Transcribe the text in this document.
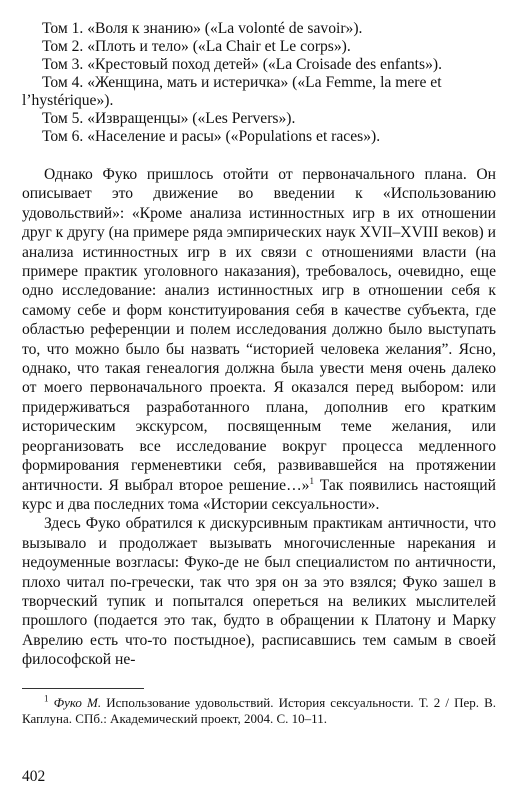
Том 1. «Воля к знанию» («La volonté de savoir»).
Том 2. «Плоть и тело» («La Chair et Le corps»).
Том 3. «Крестовый поход детей» («La Croisade des enfants»).
Том 4. «Женщина, мать и истеричка» («La Femme, la mere et l’hystérique»).
Том 5. «Извращенцы» («Les Pervers»).
Том 6. «Население и расы» («Populations et races»).

Однако Фуко пришлось отойти от первоначального плана. Он описывает это движение во введении к «Использованию удовольствий»: «Кроме анализа истинностных игр в их отношении друг к другу (на примере ряда эмпирических наук XVII–XVIII веков) и анализа истинностных игр в их связи с отношениями власти (на примере практик уголовного наказания), требовалось, очевидно, еще одно исследование: анализ истинностных игр в отношении себя к самому себе и форм конституирования себя в качестве субъекта, где областью референции и полем исследования должно было выступать то, что можно было бы назвать “историей человека желания”. Ясно, однако, что такая генеалогия должна была увести меня очень далеко от моего первоначального проекта. Я оказался перед выбором: или придерживаться разработанного плана, дополнив его кратким историческим экскурсом, посвященным теме желания, или реорганизовать все исследование вокруг процесса медленного формирования герменевтики себя, развивавшейся на протяжении античности. Я выбрал второе решение…»$^1$ Так появились настоящий курс и два последних тома «Истории сексуальности».

Здесь Фуко обратился к дискурсивным практикам античности, что вызывало и продолжает вызывать многочисленные нарекания и недоуменные возгласы: Фуко-де не был специалистом по античности, плохо читал по-гречески, так что зря он за это взялся; Фуко зашел в творческий тупик и попытался опереться на великих мыслителей прошлого (подается это так, будто в обращении к Платону и Марку Аврелию есть что-то постыдное), расписавшись тем самым в своей философской не-

$^1$ Фуко М. Использование удовольствий. История сексуальности. Т. 2 / Пер. В. Каплуна. СПб.: Академический проект, 2004. С. 10–11.

402
